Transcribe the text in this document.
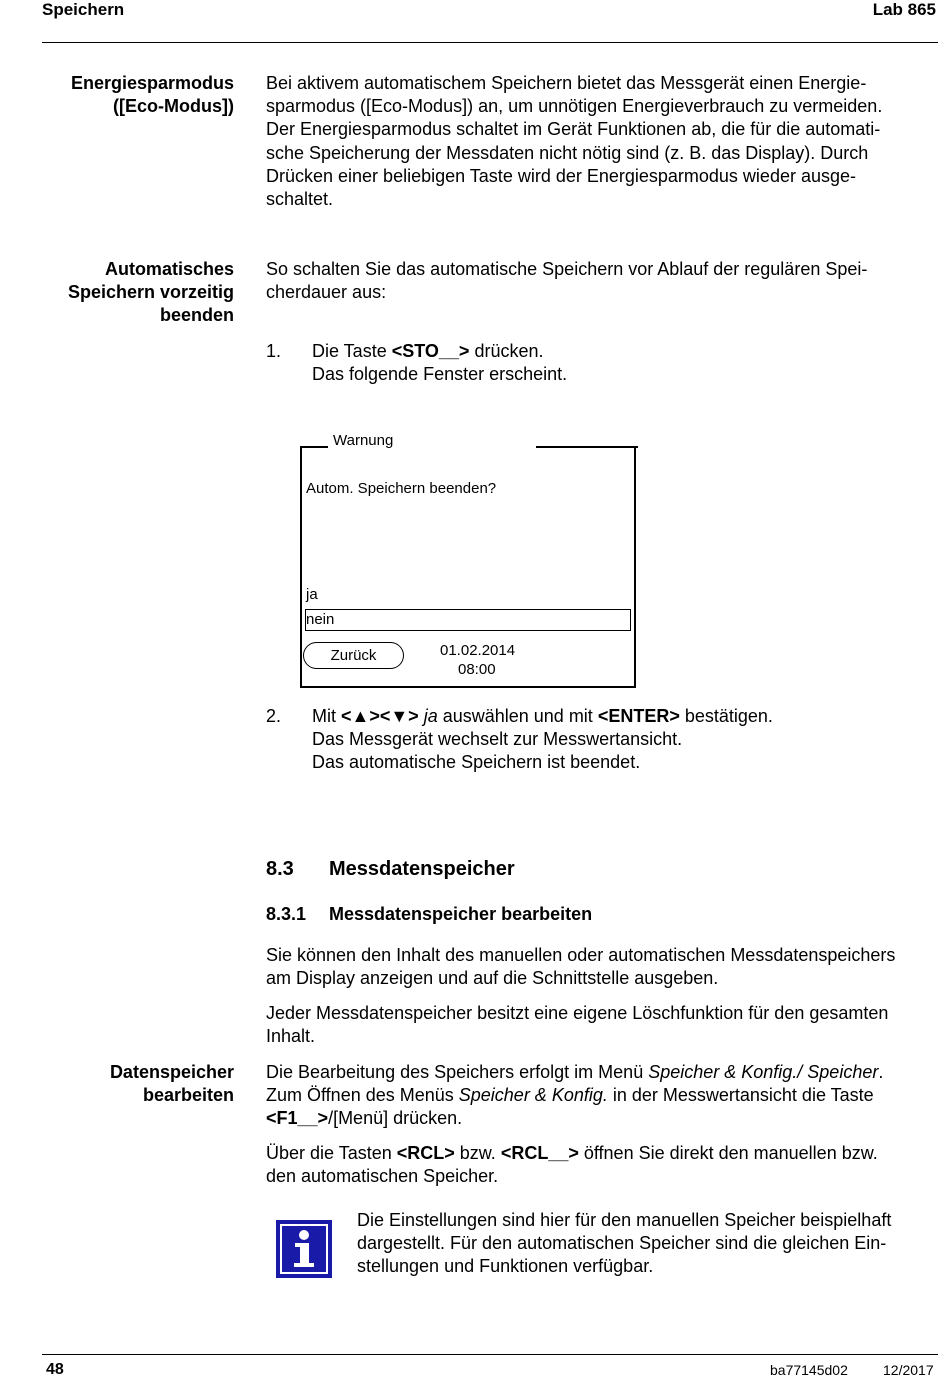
Speichern	Lab 865
Energiesparmodus
([Eco-Modus])
Bei aktivem automatischem Speichern bietet das Messgerät einen Energie-
sparmodus ([Eco-Modus]) an, um unnötigen Energieverbrauch zu vermeiden.
Der Energiesparmodus schaltet im Gerät Funktionen ab, die für die automati-
sche Speicherung der Messdaten nicht nötig sind (z. B. das Display). Durch
Drücken einer beliebigen Taste wird der Energiesparmodus wieder ausge-
schaltet.
Automatisches
Speichern vorzeitig
beenden
So schalten Sie das automatische Speichern vor Ablauf der regulären Spei-
cherdauer aus:
1. Die Taste <STO__> drücken.
Das folgende Fenster erscheint.
Warnung
Autom. Speichern beenden?
ja
nein
Zurück	01.02.2014
08:00
2. Mit <▲><▼> ja auswählen und mit <ENTER> bestätigen.
Das Messgerät wechselt zur Messwertansicht.
Das automatische Speichern ist beendet.
8.3 Messdatenspeicher
8.3.1 Messdatenspeicher bearbeiten
Sie können den Inhalt des manuellen oder automatischen Messdatenspeichers
am Display anzeigen und auf die Schnittstelle ausgeben.
Jeder Messdatenspeicher besitzt eine eigene Löschfunktion für den gesamten
Inhalt.
Datenspeicher
bearbeiten
Die Bearbeitung des Speichers erfolgt im Menü Speicher & Konfig./ Speicher.
Zum Öffnen des Menüs Speicher & Konfig. in der Messwertansicht die Taste
<F1__>/[Menü] drücken.
Über die Tasten <RCL> bzw. <RCL__> öffnen Sie direkt den manuellen bzw.
den automatischen Speicher.
Die Einstellungen sind hier für den manuellen Speicher beispielhaft
dargestellt. Für den automatischen Speicher sind die gleichen Ein-
stellungen und Funktionen verfügbar.
48	ba77145d02	12/2017
